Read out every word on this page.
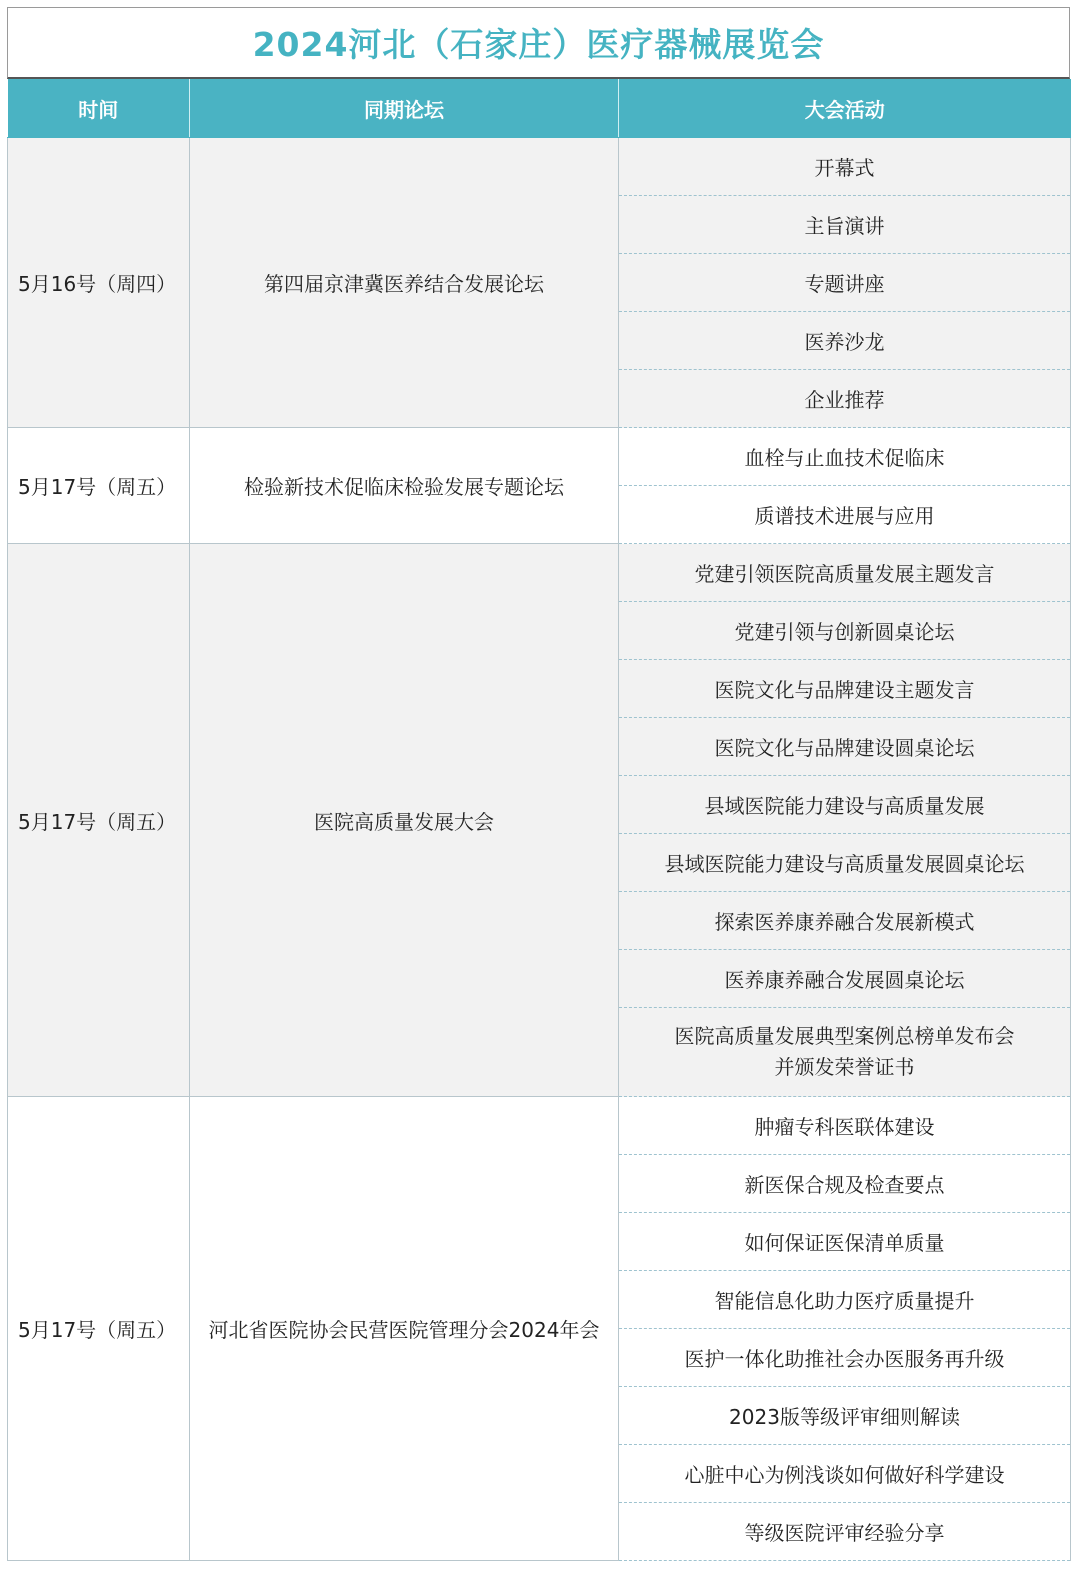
2024河北（石家庄）医疗器械展览会
时间	同期论坛	大会活动
5月16号（周四）	第四届京津冀医养结合发展论坛	开幕式
		主旨演讲
		专题讲座
		医养沙龙
		企业推荐
5月17号（周五）	检验新技术促临床检验发展专题论坛	血栓与止血技术促临床
		质谱技术进展与应用
5月17号（周五）	医院高质量发展大会	党建引领医院高质量发展主题发言
		党建引领与创新圆桌论坛
		医院文化与品牌建设主题发言
		医院文化与品牌建设圆桌论坛
		县域医院能力建设与高质量发展
		县域医院能力建设与高质量发展圆桌论坛
		探索医养康养融合发展新模式
		医养康养融合发展圆桌论坛

		医院高质量发展典型案例总榜单发布会
并颁发荣誉证书

5月17号（周五）	河北省医院协会民营医院管理分会2024年会	肿瘤专科医联体建设
		新医保合规及检查要点
		如何保证医保清单质量
		智能信息化助力医疗质量提升
		医护一体化助推社会办医服务再升级
		2023版等级评审细则解读
		心脏中心为例浅谈如何做好科学建设
		等级医院评审经验分享
